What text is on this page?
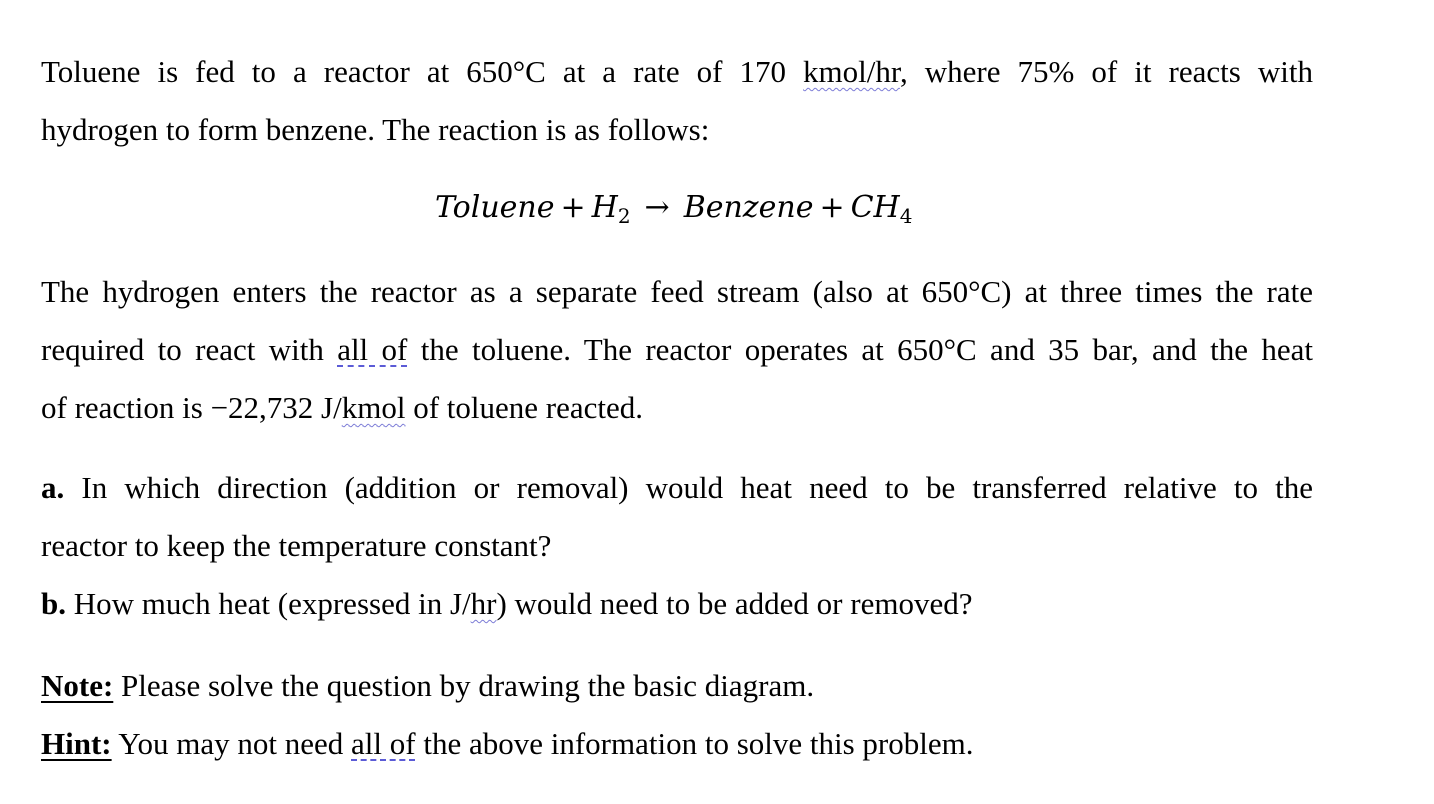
Toluene is fed to a reactor at 650°C at a rate of 170 kmol/hr, where 75% of it reacts with
hydrogen to form benzene. The reaction is as follows:
Toluene + $H_2$ → Benzene + $CH_4$
The hydrogen enters the reactor as a separate feed stream (also at 650°C) at three times the rate
required to react with all of the toluene. The reactor operates at 650°C and 35 bar, and the heat
of reaction is −22,732 J/kmol of toluene reacted.
a. In which direction (addition or removal) would heat need to be transferred relative to the
reactor to keep the temperature constant?
b. How much heat (expressed in J/hr) would need to be added or removed?
Note: Please solve the question by drawing the basic diagram.
Hint: You may not need all of the above information to solve this problem.
